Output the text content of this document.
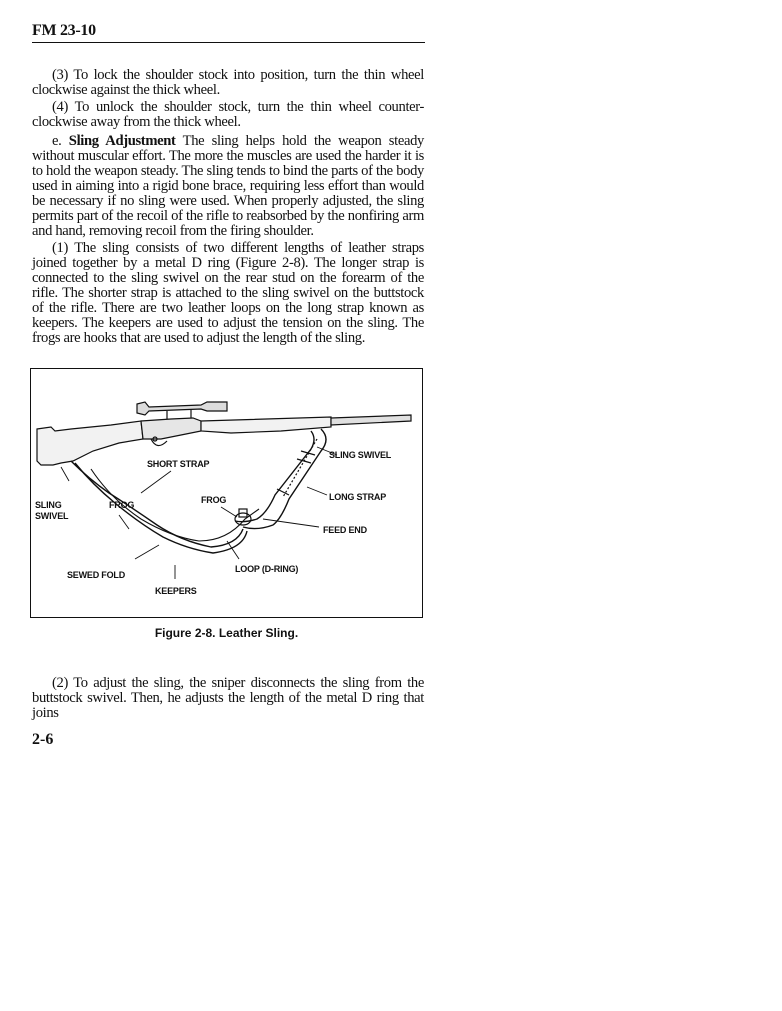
FM 23-10

(3) To lock the shoulder stock into position, turn the thin wheel clockwise against the thick wheel.

(4) To unlock the shoulder stock, turn the thin wheel counter-clockwise away from the thick wheel.

e. Sling Adjustment The sling helps hold the weapon steady without muscular effort. The more the muscles are used the harder it is to hold the weapon steady. The sling tends to bind the parts of the body used in aiming into a rigid bone brace, requiring less effort than would be necessary if no sling were used. When properly adjusted, the sling permits part of the recoil of the rifle to reabsorbed by the nonfiring arm and hand, removing recoil from the firing shoulder.

(1) The sling consists of two different lengths of leather straps joined together by a metal D ring (Figure 2-8). The longer strap is connected to the sling swivel on the rear stud on the forearm of the rifle. The shorter strap is attached to the sling swivel on the buttstock of the rifle. There are two leather loops on the long strap known as keepers. The keepers are used to adjust the tension on the sling. The frogs are hooks that are used to adjust the length of the sling.

SLING SWIVEL
SHORT STRAP
SLING
SWIVEL
FROG	FROG	LONG STRAP
FEED END
SEWED FOLD
LOOP (D-RING)
KEEPERS
Figure 2-8. Leather Sling.

(2) To adjust the sling, the sniper disconnects the sling from the buttstock swivel. Then, he adjusts the length of the metal D ring that joins

2-6
